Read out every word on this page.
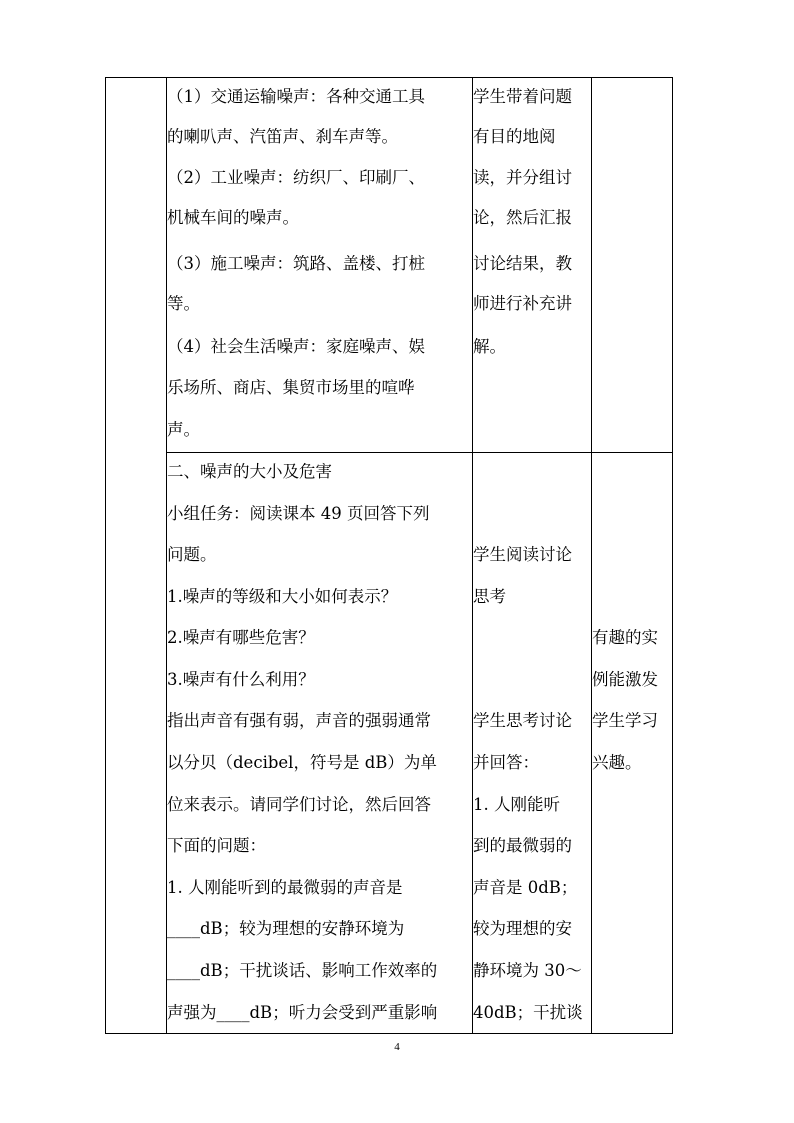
（1）交通运输噪声：各种交通工具
的喇叭声、汽笛声、刹车声等。
（2）工业噪声：纺织厂、印刷厂、
机械车间的噪声。
（3）施工噪声：筑路、盖楼、打桩
等。
（4）社会生活噪声：家庭噪声、娱
乐场所、商店、集贸市场里的喧哗
声。
学生带着问题
有目的地阅
读，并分组讨
论，然后汇报
讨论结果，教
师进行补充讲
解。
二、噪声的大小及危害
小组任务：阅读课本 49 页回答下列
问题。
1.噪声的等级和大小如何表示？
2.噪声有哪些危害？
3.噪声有什么利用？
指出声音有强有弱，声音的强弱通常
以分贝（decibel，符号是 dB）为单
位来表示。请同学们讨论，然后回答
下面的问题：
1. 人刚能听到的最微弱的声音是
____dB；较为理想的安静环境为
____dB；干扰谈话、影响工作效率的
声强为____dB；听力会受到严重影响
学生阅读讨论
思考
学生思考讨论
并回答：
1. 人刚能听
到的最微弱的
声音是 0dB；
较为理想的安
静环境为 30～
40dB；干扰谈
有趣的实
例能激发
学生学习
兴趣。
4
